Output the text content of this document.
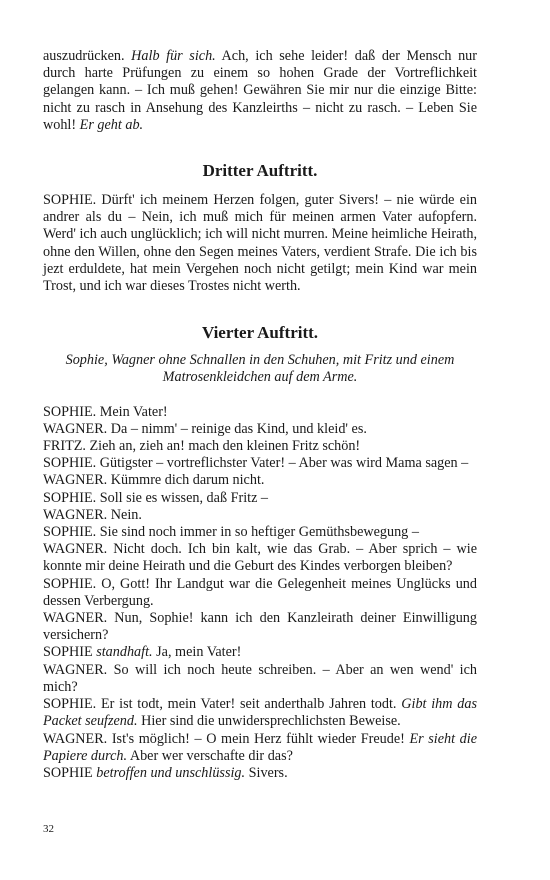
auszudrücken. Halb für sich. Ach, ich sehe leider! daß der Mensch nur durch harte Prüfungen zu einem so hohen Grade der Vortreflichkeit gelangen kann. – Ich muß gehen! Gewähren Sie mir nur die einzige Bitte: nicht zu rasch in Ansehung des Kanzleirths – nicht zu rasch. – Leben Sie wohl! Er geht ab.

Dritter Auftritt.

SOPHIE. Dürft' ich meinem Herzen folgen, guter Sivers! – nie würde ein andrer als du – Nein, ich muß mich für meinen armen Vater aufopfern. Werd' ich auch unglücklich; ich will nicht murren. Meine heimliche Heirath, ohne den Willen, ohne den Segen meines Vaters, verdient Strafe. Die ich bis jezt erduldete, hat mein Vergehen noch nicht getilgt; mein Kind war mein Trost, und ich war dieses Trostes nicht werth.

Vierter Auftritt.

Sophie, Wagner ohne Schnallen in den Schuhen, mit Fritz und einem Matrosenkleidchen auf dem Arme.

SOPHIE. Mein Vater!

WAGNER. Da – nimm' – reinige das Kind, und kleid' es.

FRITZ. Zieh an, zieh an! mach den kleinen Fritz schön!

SOPHIE. Gütigster – vortreflichster Vater! – Aber was wird Mama sagen –

WAGNER. Kümmre dich darum nicht.

SOPHIE. Soll sie es wissen, daß Fritz –

WAGNER. Nein.

SOPHIE. Sie sind noch immer in so heftiger Gemüthsbewegung –

WAGNER. Nicht doch. Ich bin kalt, wie das Grab. – Aber sprich – wie konnte mir deine Heirath und die Geburt des Kindes verborgen bleiben?

SOPHIE. O, Gott! Ihr Landgut war die Gelegenheit meines Unglücks und dessen Verbergung.

WAGNER. Nun, Sophie! kann ich den Kanzleirath deiner Einwilligung versichern?

SOPHIE standhaft. Ja, mein Vater!

WAGNER. So will ich noch heute schreiben. – Aber an wen wend' ich mich?

SOPHIE. Er ist todt, mein Vater! seit anderthalb Jahren todt. Gibt ihm das Packet seufzend. Hier sind die unwidersprechlichsten Beweise.

WAGNER. Ist's möglich! – O mein Herz fühlt wieder Freude! Er sieht die Papiere durch. Aber wer verschafte dir das?

SOPHIE betroffen und unschlüssig. Sivers.

32
